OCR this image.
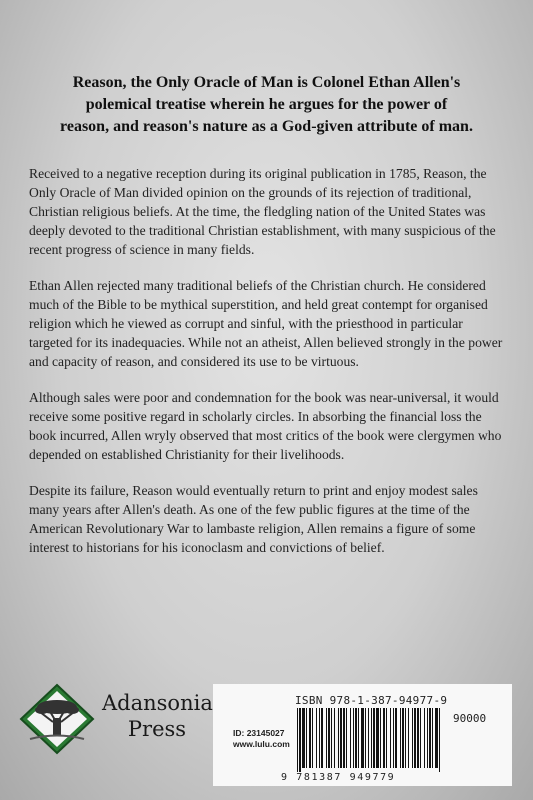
Reason, the Only Oracle of Man is Colonel Ethan Allen's polemical treatise wherein he argues for the power of reason, and reason's nature as a God-given attribute of man.

Received to a negative reception during its original publication in 1785, Reason, the Only Oracle of Man divided opinion on the grounds of its rejection of traditional, Christian religious beliefs. At the time, the fledgling nation of the United States was deeply devoted to the traditional Christian establishment, with many suspicious of the recent progress of science in many fields.

Ethan Allen rejected many traditional beliefs of the Christian church. He considered much of the Bible to be mythical superstition, and held great contempt for organised religion which he viewed as corrupt and sinful, with the priesthood in particular targeted for its inadequacies. While not an atheist, Allen believed strongly in the power and capacity of reason, and considered its use to be virtuous.

Although sales were poor and condemnation for the book was near-universal, it would receive some positive regard in scholarly circles. In absorbing the financial loss the book incurred, Allen wryly observed that most critics of the book were clergymen who depended on established Christianity for their livelihoods.

Despite its failure, Reason would eventually return to print and enjoy modest sales many years after Allen's death. As one of the few public figures at the time of the American Revolutionary War to lambaste religion, Allen remains a figure of some interest to historians for his iconoclasm and convictions of belief.

Adansonia
Press
ISBN 978-1-387-94977-9
90000
ID: 23145027
www.lulu.com
9 781387 949779
